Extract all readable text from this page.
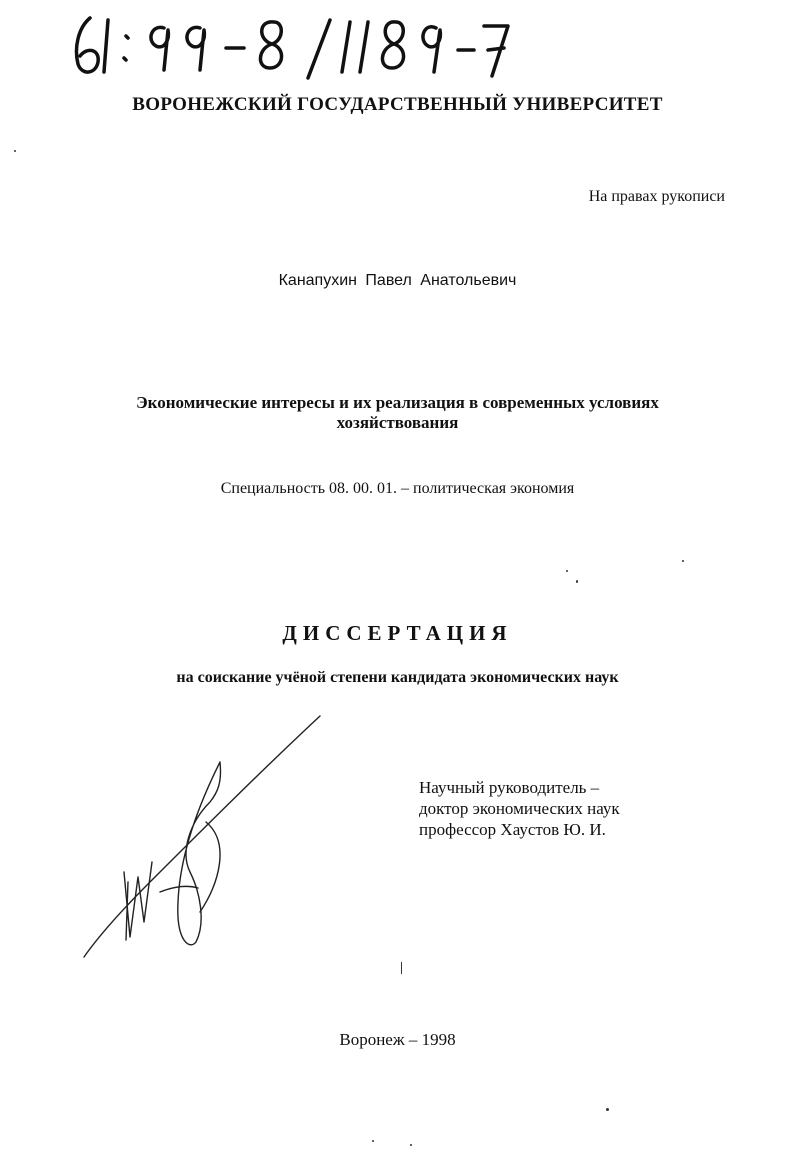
ВОРОНЕЖСКИЙ ГОСУДАРСТВЕННЫЙ УНИВЕРСИТЕТ
На правах рукописи
Канапухин Павел Анатольевич
Экономические интересы и их реализация в современных условиях
хозяйствования
Специальность 08. 00. 01. – политическая экономия
ДИССЕРТАЦИЯ
на соискание учёной степени кандидата экономических наук
Научный руководитель –
доктор экономических наук
профессор Хаустов Ю. И.
Воронеж – 1998
